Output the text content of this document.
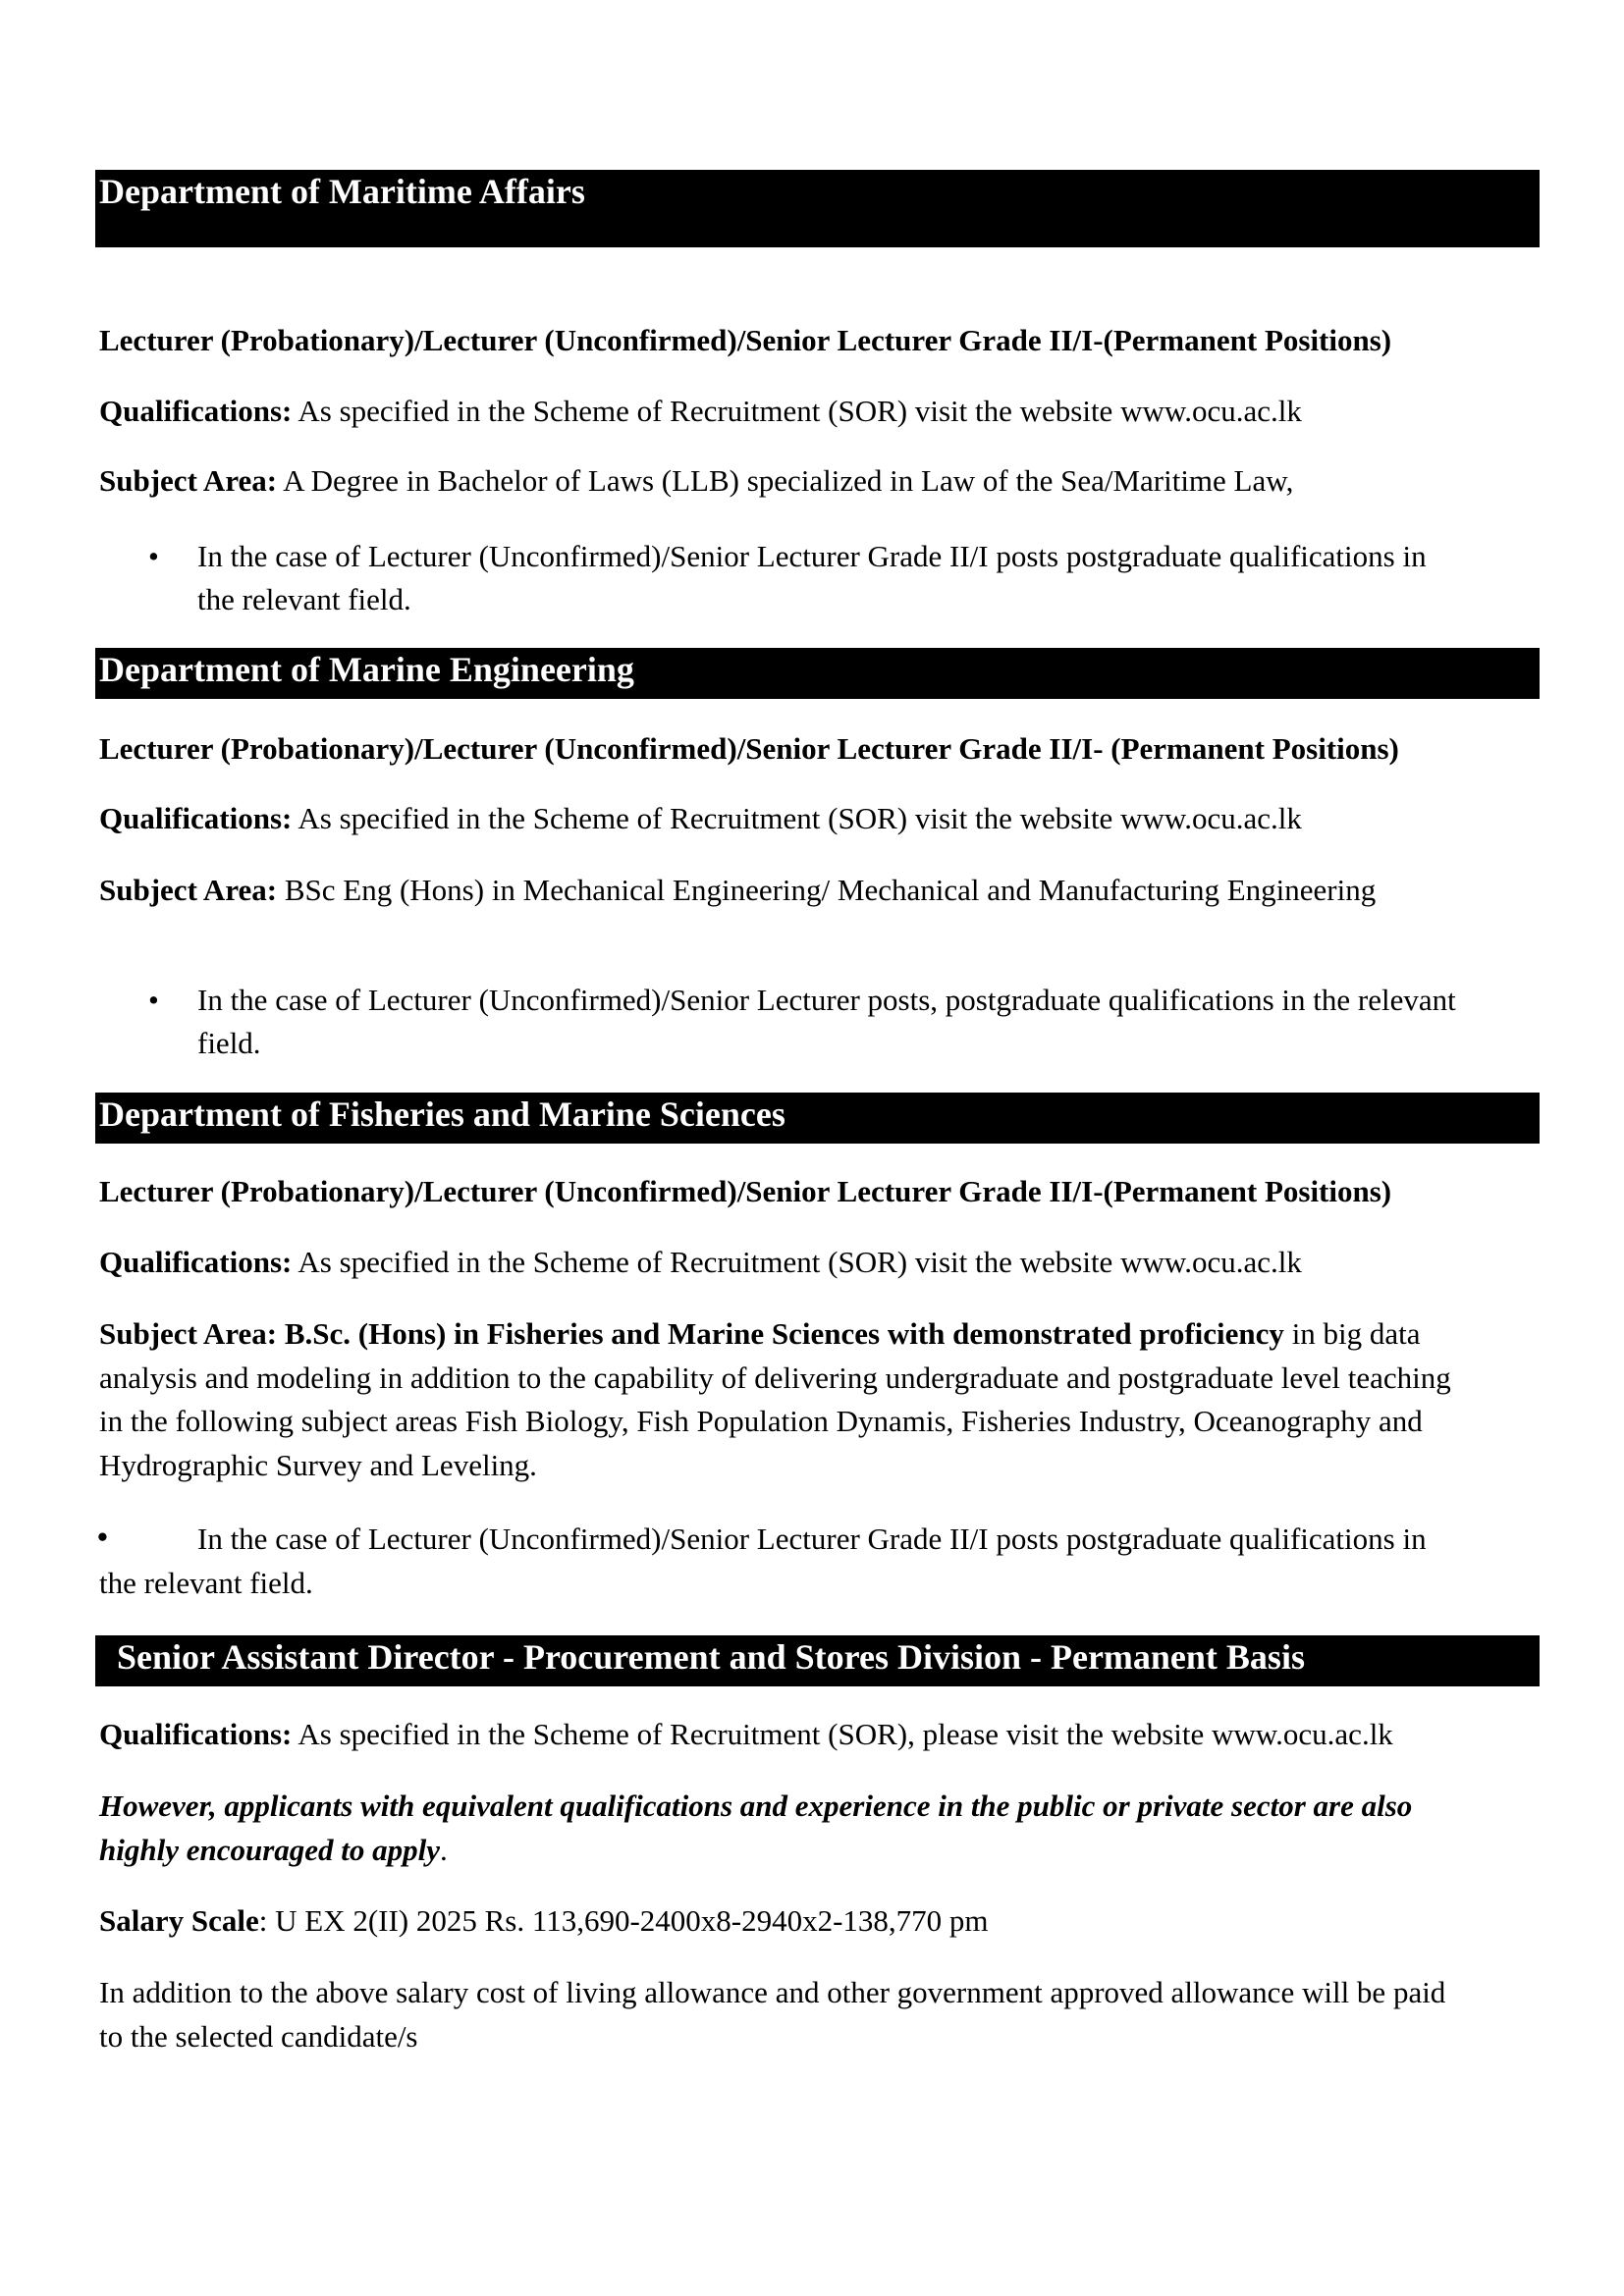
Department of Maritime Affairs
Lecturer (Probationary)/Lecturer (Unconfirmed)/Senior Lecturer Grade II/I-(Permanent Positions)
Qualifications: As specified in the Scheme of Recruitment (SOR) visit the website www.ocu.ac.lk
Subject Area: A Degree in Bachelor of Laws (LLB) specialized in Law of the Sea/Maritime Law,
• In the case of Lecturer (Unconfirmed)/Senior Lecturer Grade II/I posts postgraduate qualifications in
the relevant field.
Department of Marine Engineering
Lecturer (Probationary)/Lecturer (Unconfirmed)/Senior Lecturer Grade II/I- (Permanent Positions)
Qualifications: As specified in the Scheme of Recruitment (SOR) visit the website www.ocu.ac.lk
Subject Area: BSc Eng (Hons) in Mechanical Engineering/ Mechanical and Manufacturing Engineering
• In the case of Lecturer (Unconfirmed)/Senior Lecturer posts, postgraduate qualifications in the relevant
field.
Department of Fisheries and Marine Sciences
Lecturer (Probationary)/Lecturer (Unconfirmed)/Senior Lecturer Grade II/I-(Permanent Positions)
Qualifications: As specified in the Scheme of Recruitment (SOR) visit the website www.ocu.ac.lk
Subject Area: B.Sc. (Hons) in Fisheries and Marine Sciences with demonstrated proficiency in big data
analysis and modeling in addition to the capability of delivering undergraduate and postgraduate level teaching
in the following subject areas Fish Biology, Fish Population Dynamis, Fisheries Industry, Oceanography and
Hydrographic Survey and Leveling.
•	In the case of Lecturer (Unconfirmed)/Senior Lecturer Grade II/I posts postgraduate qualifications in
the relevant field.
Senior Assistant Director - Procurement and Stores Division - Permanent Basis
Qualifications: As specified in the Scheme of Recruitment (SOR), please visit the website www.ocu.ac.lk
However, applicants with equivalent qualifications and experience in the public or private sector are also
highly encouraged to apply.
Salary Scale: U EX 2(II) 2025 Rs. 113,690-2400x8-2940x2-138,770 pm
In addition to the above salary cost of living allowance and other government approved allowance will be paid
to the selected candidate/s
